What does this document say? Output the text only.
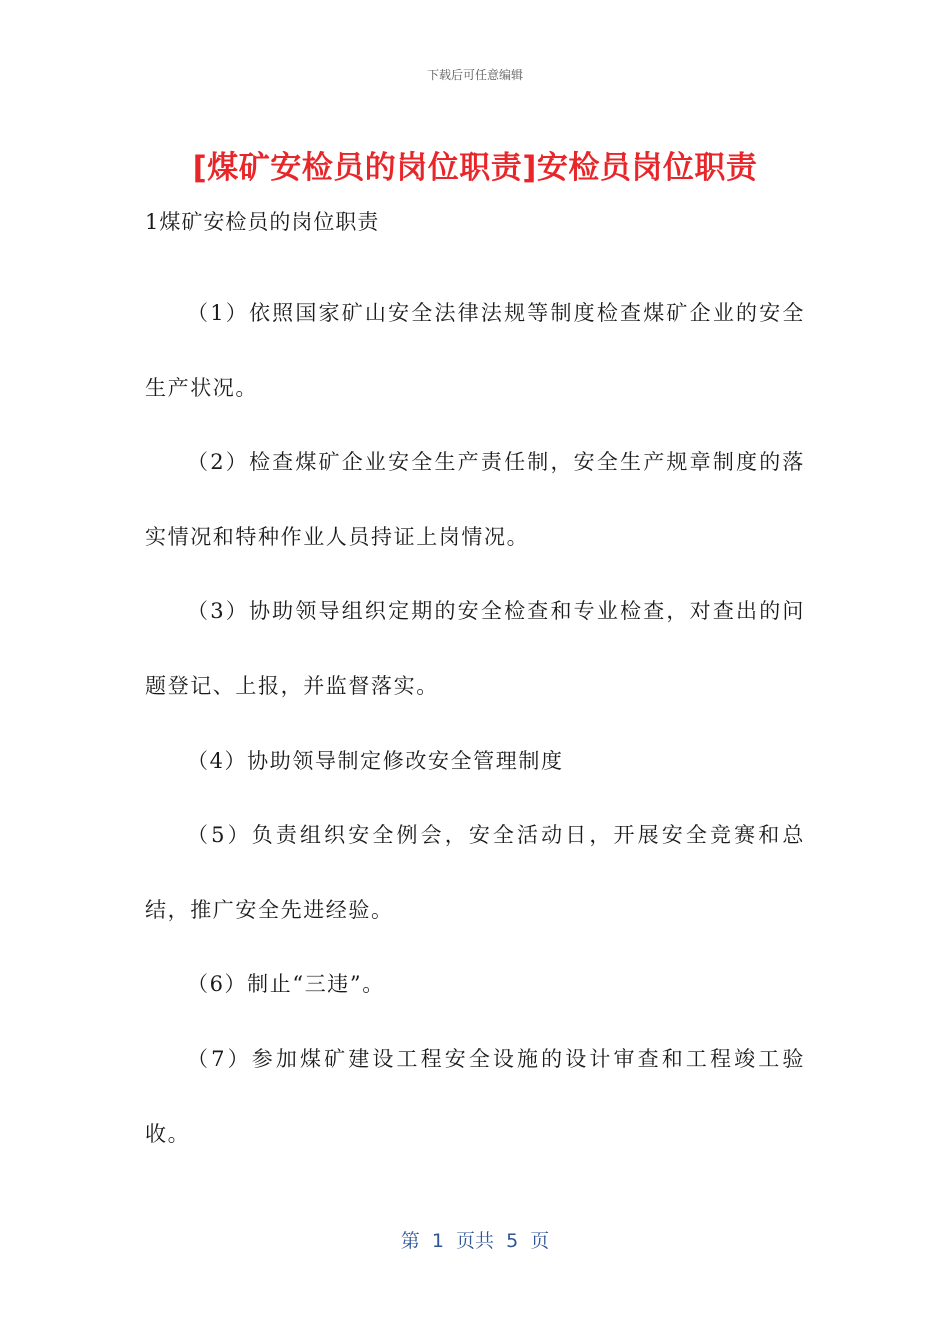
下载后可任意编辑
[煤矿安检员的岗位职责]安检员岗位职责
1煤矿安检员的岗位职责

（1）依照国家矿山安全法律法规等制度检查煤矿企业的安全生产状况。

（2）检查煤矿企业安全生产责任制，安全生产规章制度的落实情况和特种作业人员持证上岗情况。

（3）协助领导组织定期的安全检查和专业检查，对查出的问题登记、上报，并监督落实。

（4）协助领导制定修改安全管理制度

（5）负责组织安全例会，安全活动日，开展安全竞赛和总结，推广安全先进经验。

（6）制止“三违”。

（7）参加煤矿建设工程安全设施的设计审查和工程竣工验收。

第  1  页共  5  页
